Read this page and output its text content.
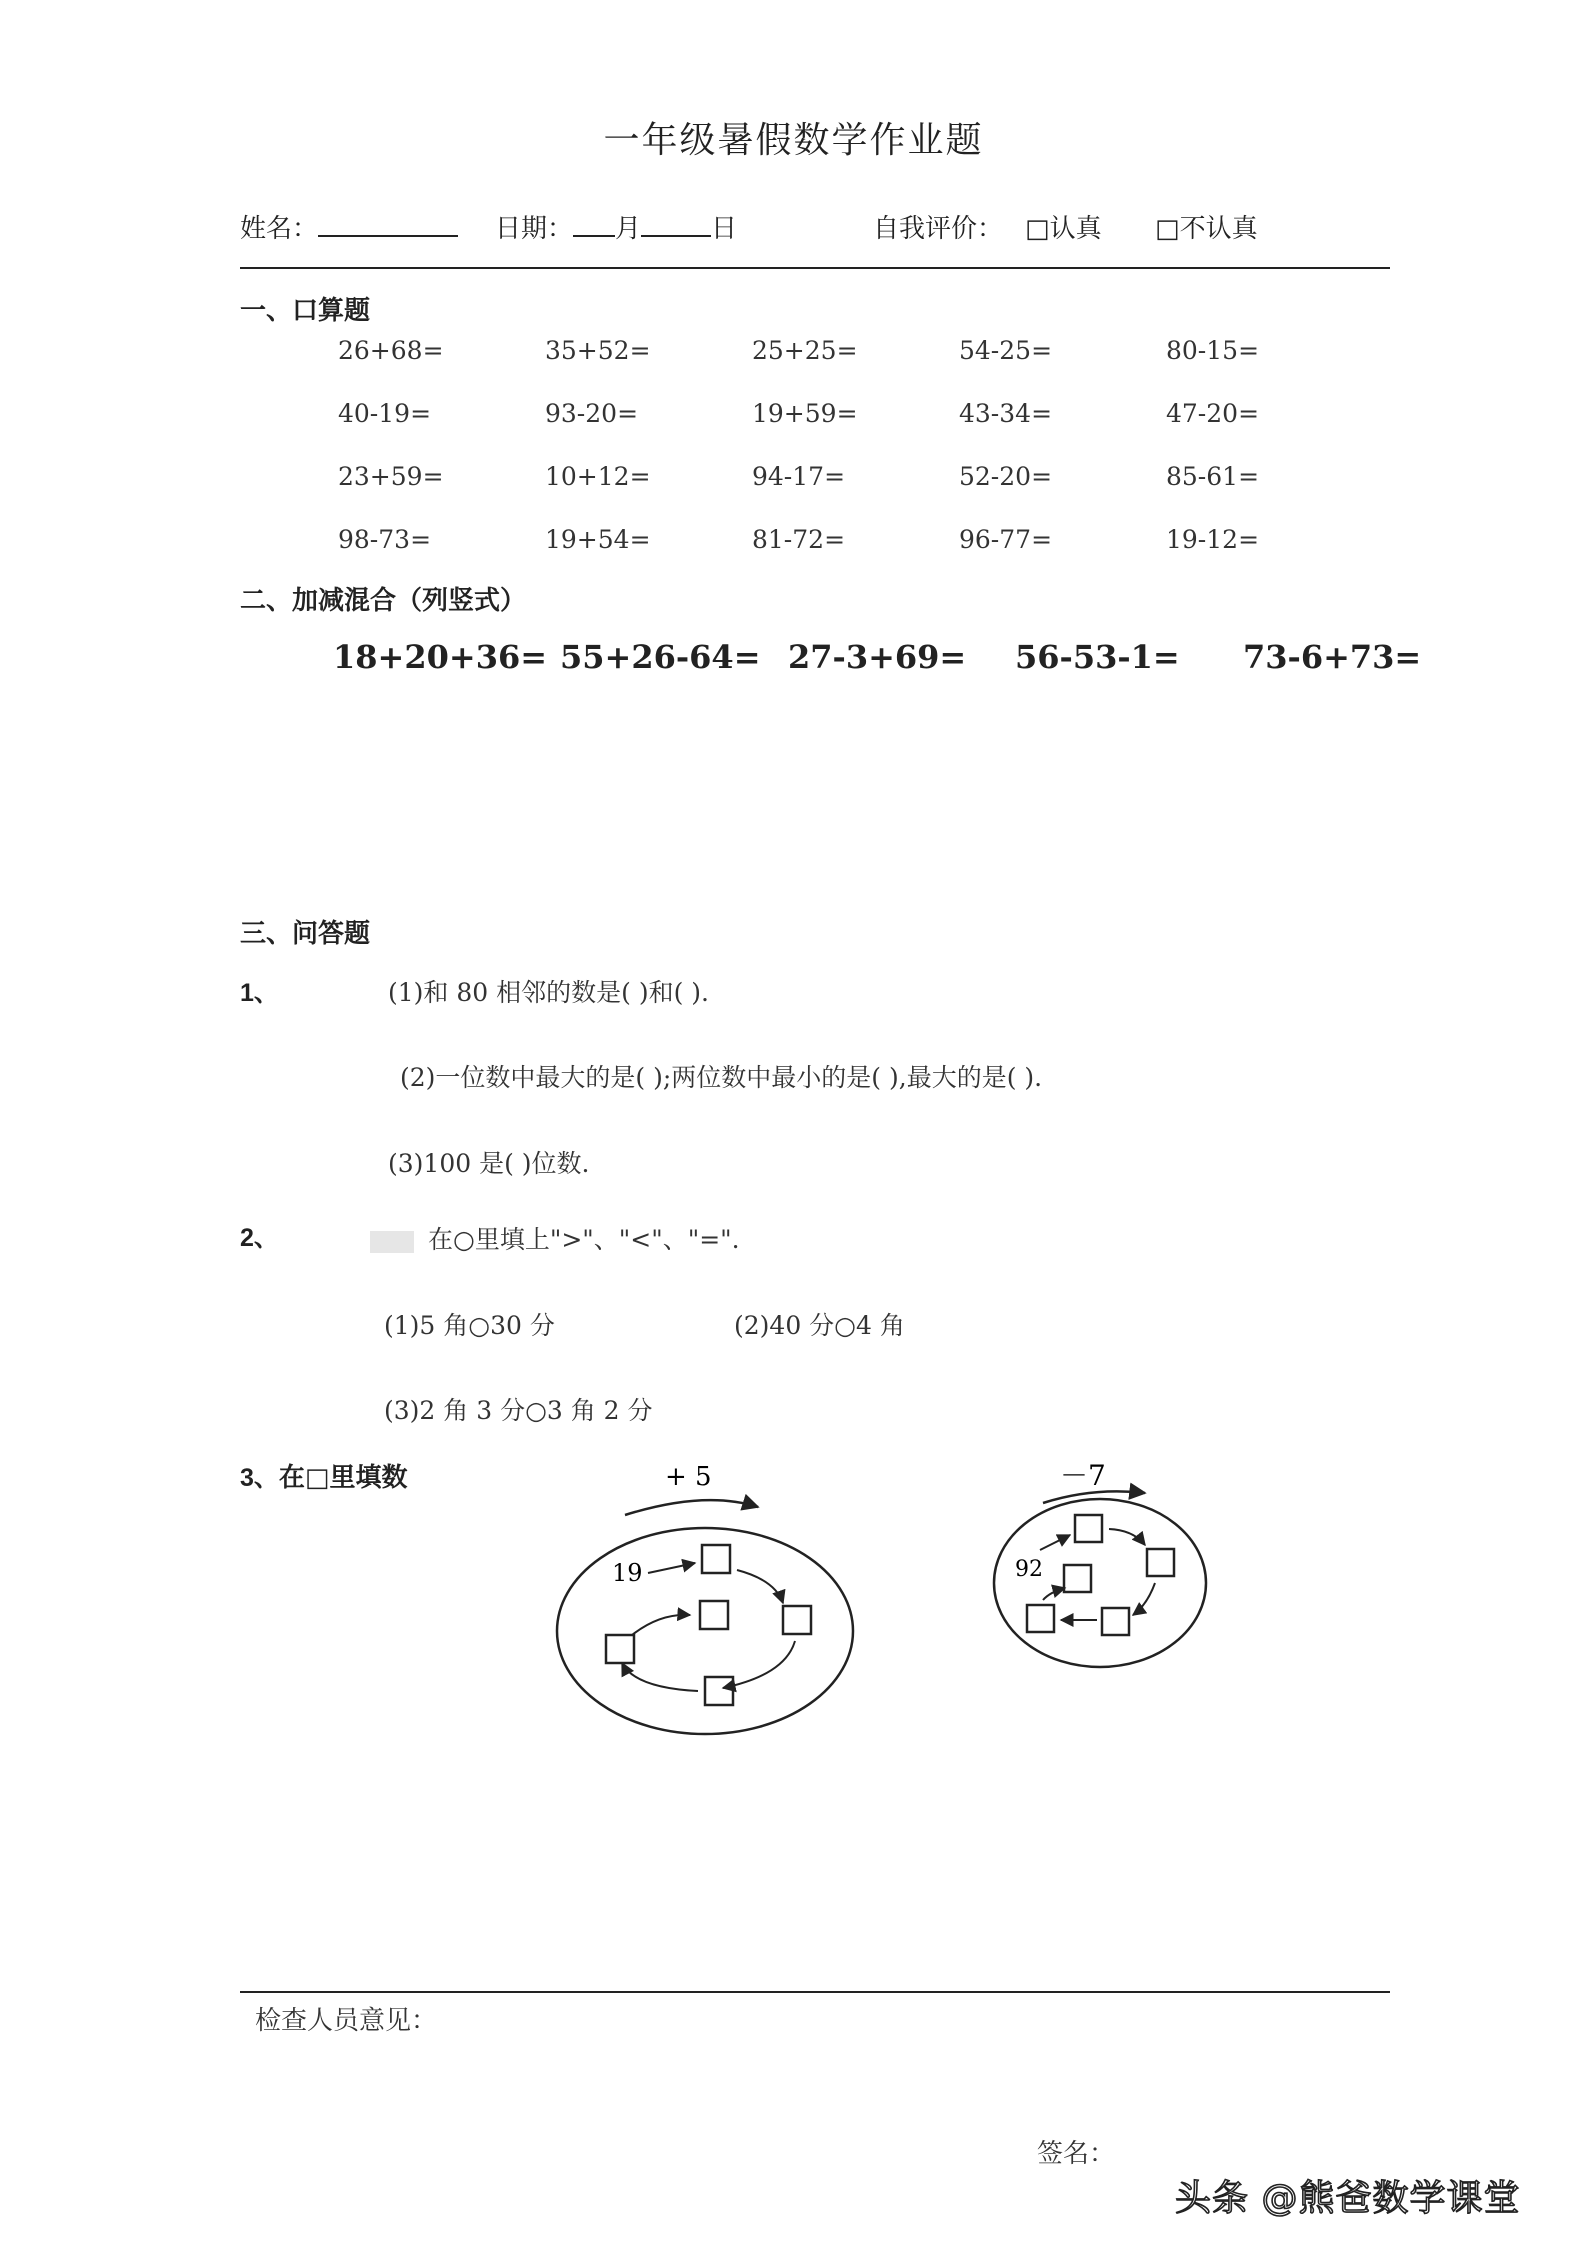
一年级暑假数学作业题
姓名：	日期： 月	日	自我评价： □认真 □不认真
一、口算题
26+68=	35+52=	25+25=	54-25=	80-15=
40-19=	93-20=	19+59=	43-34=	47-20=
23+59=	10+12=	94-17=	52-20=	85-61=
98-73=	19+54=	81-72=	96-77=	19-12=
二、加减混合（列竖式）
18+20+36= 55+26-64= 27-3+69= 56-53-1= 73-6+73=
三、问答题
1、	(1)和 80 相邻的数是( )和( ).
(2)一位数中最大的是( );两位数中最小的是( ),最大的是( ).
(3)100 是( )位数.
2、	在○里填上">"、"<"、"=".
(1)5 角○30 分	(2)40 分○4 角
(3)2 角 3 分○3 角 2 分
3、在□里填数	+ 5
19
－7
92
检查人员意见：
签名：
头条 @熊爸数学课堂
